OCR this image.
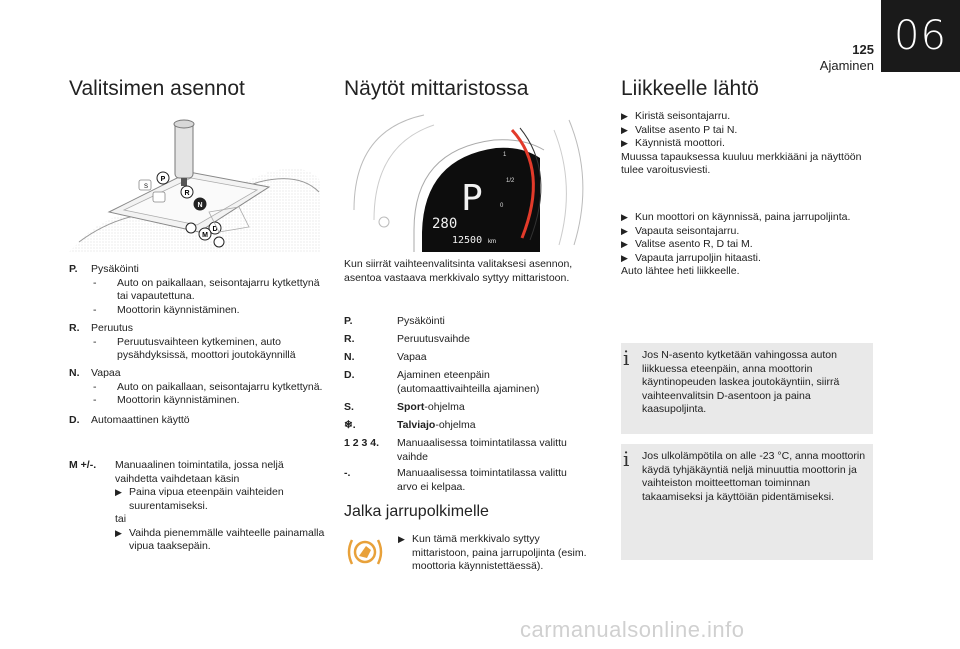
06
125
Ajaminen
Valitsimen asennot
P
R
N
D
M
S
P.	Pysäköinti
-	Auto on paikallaan, seisontajarru kytkettynä tai vapautettuna.
-	Moottorin käynnistäminen.
R.	Peruutus
-	Peruutusvaihteen kytkeminen, auto pysähdyksissä, moottori joutokäynnillä
N.	Vapaa
-	Auto on paikallaan, seisontajarru kytkettynä.
-	Moottorin käynnistäminen.
D.	Automaattinen käyttö
M +/-.	Manuaalinen toimintatila, jossa neljä vaihdetta vaihdetaan käsin
▶ Paina vipua eteenpäin vaihteiden suurentamiseksi.
tai
▶ Vaihda pienemmälle vaihteelle painamalla vipua taaksepäin.
Näytöt mittaristossa
1
1/2
0
P
280
12500 km
Kun siirrät vaihteenvalitsinta valitaksesi asennon, asentoa vastaava merkkivalo syttyy mittaristoon.
P.	Pysäköinti
R.	Peruutusvaihde
N.	Vapaa
D.	Ajaminen eteenpäin (automaattivaihteilla ajaminen)
S.	Sport-ohjelma
❄.	Talviajo-ohjelma
1 2 3 4.	Manuaalisessa toimintatilassa valittu vaihde
-.	Manuaalisessa toimintatilassa valittu arvo ei kelpaa.
Jalka jarrupolkimelle
▶ Kun tämä merkkivalo syttyy mittaristoon, paina jarrupoljinta (esim. moottoria käynnistettäessä).
Liikkeelle lähtö
▶ Kiristä seisontajarru.
▶ Valitse asento P tai N.
▶ Käynnistä moottori.
Muussa tapauksessa kuuluu merkkiääni ja näyttöön tulee varoitusviesti.
▶ Kun moottori on käynnissä, paina jarrupoljinta.
▶ Vapauta seisontajarru.
▶ Valitse asento R, D tai M.
▶ Vapauta jarrupoljin hitaasti.
Auto lähtee heti liikkeelle.
i Jos N-asento kytketään vahingossa auton liikkuessa eteenpäin, anna moottorin käyntinopeuden laskea joutokäyntiin, siirrä vaihteenvalitsin D-asentoon ja paina kaasupoljinta.
i Jos ulkolämpötila on alle -23 °C, anna moottorin käydä tyhjäkäyntiä neljä minuuttia moottorin ja vaihteiston moitteettoman toiminnan takaamiseksi ja käyttöiän pidentämiseksi.
carmanualsonline.info
